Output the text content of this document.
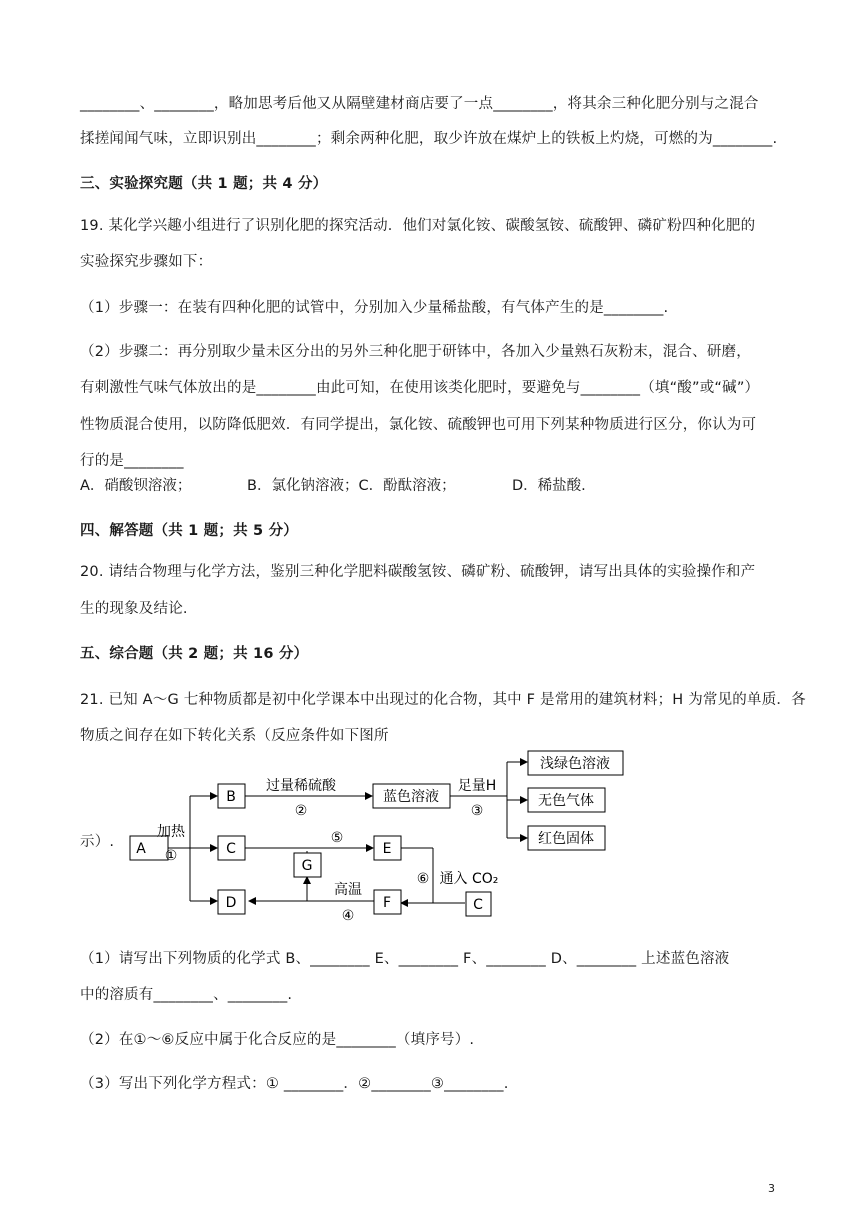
________、________，略加思考后他又从隔壁建材商店要了一点________，将其余三种化肥分别与之混合
揉搓闻闻气味，立即识别出________；剩余两种化肥，取少许放在煤炉上的铁板上灼烧，可燃的为________.
三、实验探究题（共 1 题；共 4 分）
19. 某化学兴趣小组进行了识别化肥的探究活动．他们对氯化铵、碳酸氢铵、硫酸钾、磷矿粉四种化肥的
实验探究步骤如下：
（1）步骤一：在装有四种化肥的试管中，分别加入少量稀盐酸，有气体产生的是________.
（2）步骤二：再分别取少量未区分出的另外三种化肥于研钵中，各加入少量熟石灰粉末，混合、研磨，
有刺激性气味气体放出的是________由此可知，在使用该类化肥时，要避免与________（填“酸”或“碱”）
性物质混合使用，以防降低肥效．有同学提出，氯化铵、硫酸钾也可用下列某种物质进行区分，你认为可
行的是________
A．硝酸钡溶液；	B．氯化钠溶液；C．酚酞溶液；	D．稀盐酸.
四、解答题（共 1 题；共 5 分）
20. 请结合物理与化学方法，鉴别三种化学肥料碳酸氢铵、磷矿粉、硫酸钾，请写出具体的实验操作和产
生的现象及结论.
五、综合题（共 2 题；共 16 分）
21. 已知 A～G 七种物质都是初中化学课本中出现过的化合物，其中 F 是常用的建筑材料；H 为常见的单质．各
物质之间存在如下转化关系（反应条件如下图所
示）. A
B
C
D
蓝色溶液
浅绿色溶液
无色气体
红色固体
E
G
F	C
加热
①
过量稀硫酸
②
足量H
③
⑤
高温
④
⑥ 通入 CO₂
（1）请写出下列物质的化学式 B、________ E、________ F、________ D、________ 上述蓝色溶液
中的溶质有________、________.
（2）在①～⑥反应中属于化合反应的是________（填序号）.
（3）写出下列化学方程式：① ________．②________③________.
3
